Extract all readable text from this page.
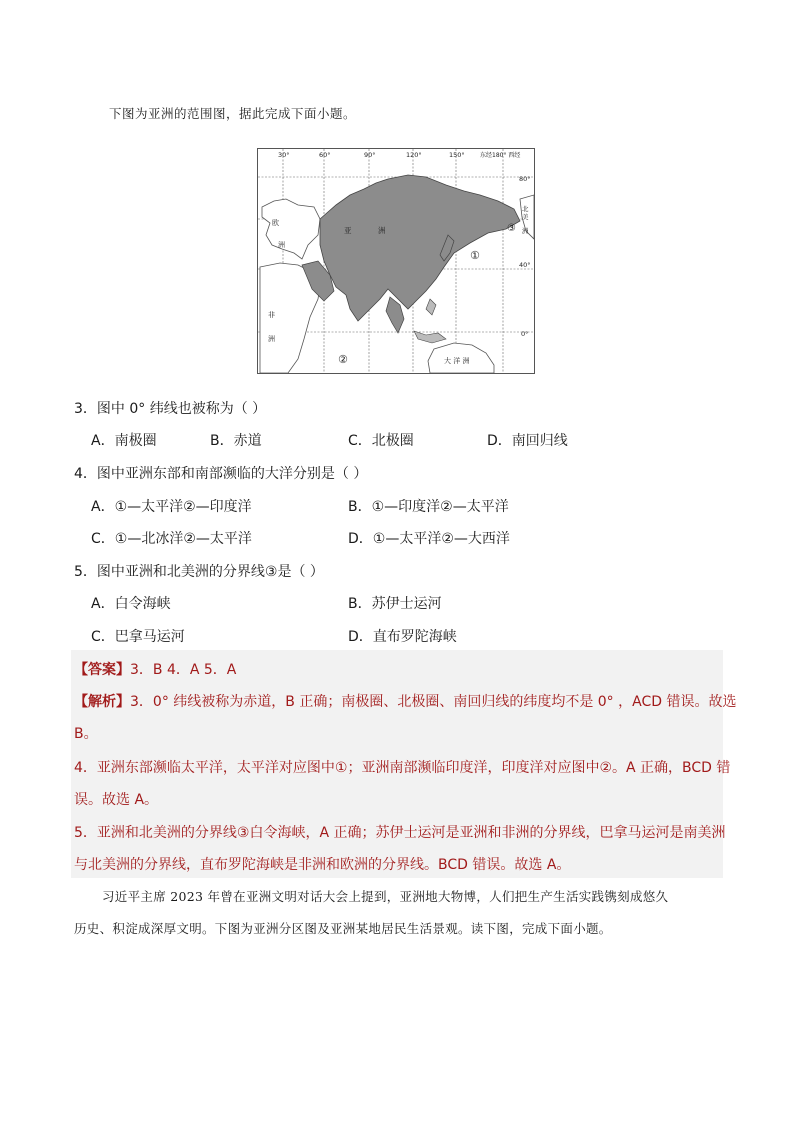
下图为亚洲的范围图，据此完成下面小题。
30°	60°	90°	120°	150°	东经180° 西经
80°
40°
0°
欧
洲
亚	洲
非
洲
大 洋 洲
北
美
洲
①
②
③
3．图中 0° 纬线也被称为（ ）
A．南极圈	B．赤道	C．北极圈	D．南回归线
4．图中亚洲东部和南部濒临的大洋分别是（ ）
A．①—太平洋②—印度洋	B．①—印度洋②—太平洋
C．①—北冰洋②—太平洋	D．①—太平洋②—大西洋
5．图中亚洲和北美洲的分界线③是（ ）
A．白令海峡	B．苏伊士运河
C．巴拿马运河	D．直布罗陀海峡
【答案】3．B 4．A 5．A
【解析】3．0° 纬线被称为赤道，B 正确；南极圈、北极圈、南回归线的纬度均不是 0° ，ACD 错误。故选
B。
4．亚洲东部濒临太平洋，太平洋对应图中①；亚洲南部濒临印度洋，印度洋对应图中②。A 正确，BCD 错
误。故选 A。
5．亚洲和北美洲的分界线③白令海峡，A 正确；苏伊士运河是亚洲和非洲的分界线，巴拿马运河是南美洲
与北美洲的分界线，直布罗陀海峡是非洲和欧洲的分界线。BCD 错误。故选 A。
习近平主席 2023 年曾在亚洲文明对话大会上提到，亚洲地大物博，人们把生产生活实践镌刻成悠久
历史、积淀成深厚文明。下图为亚洲分区图及亚洲某地居民生活景观。读下图，完成下面小题。
